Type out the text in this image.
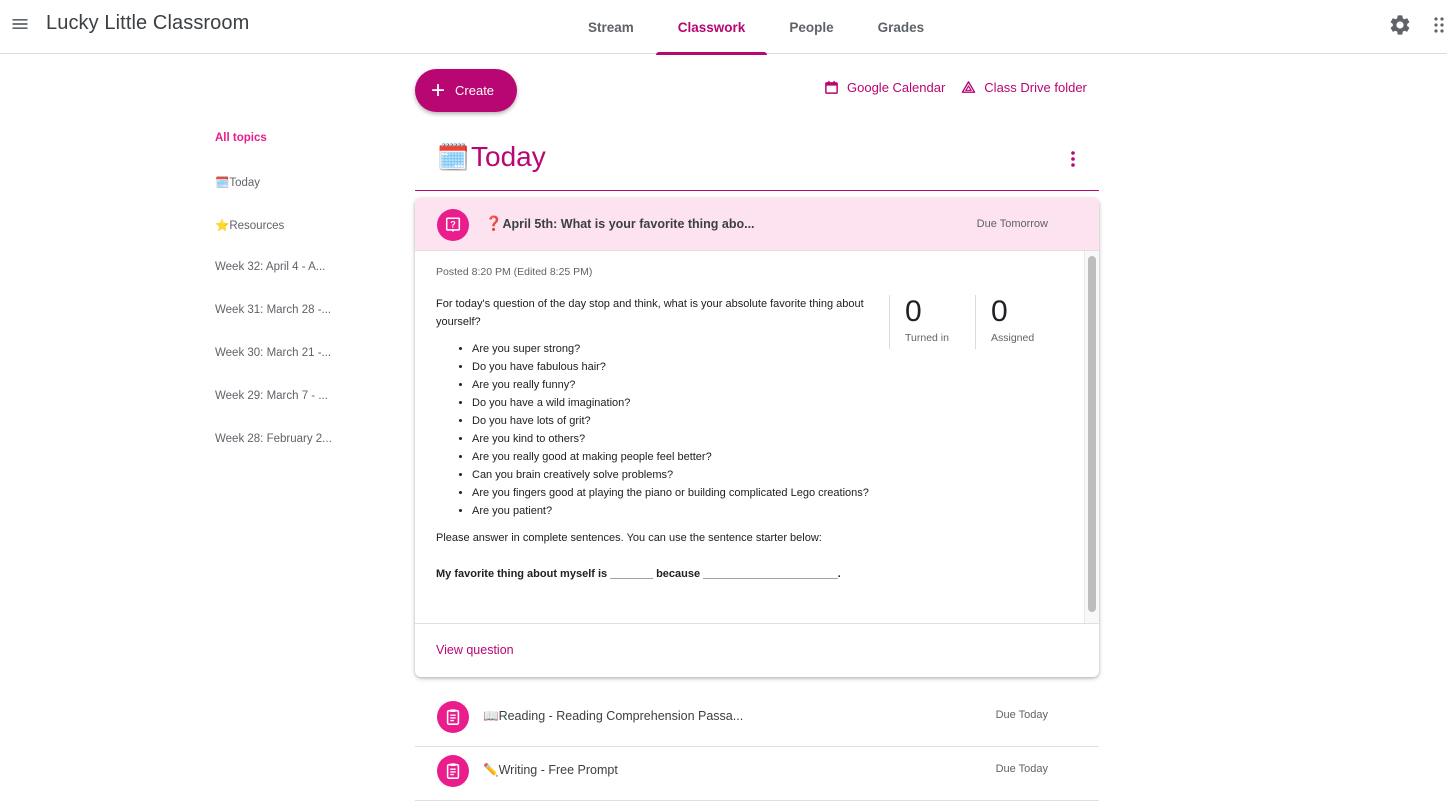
Lucky Little Classroom	Stream	Classwork	People	Grades
All topics
🗓️Today
⭐Resources
Week 32: April 4 - A...
Week 31: March 28 -...
Week 30: March 21 -...
Week 29: March 7 - ...
Week 28: February 2...
+ Create	Google Calendar	Class Drive folder
🗓️ Today
? ❓April 5th: What is your favorite thing abo...	Due Tomorrow
Posted 8:20 PM (Edited 8:25 PM)

For today's question of the day stop and think, what is your absolute favorite thing about yourself?

• Are you super strong?
• Do you have fabulous hair?
• Are you really funny?
• Do you have a wild imagination?
• Do you have lots of grit?
• Are you kind to others?
• Are you really good at making people feel better?
• Can you brain creatively solve problems?
• Are you fingers good at playing the piano or building complicated Lego creations?
• Are you patient?

Please answer in complete sentences. You can use the sentence starter below:

My favorite thing about myself is _______ because ______________________.

0
Turned in
0
Assigned
View question
📖Reading - Reading Comprehension Passa...	Due Today
✏️Writing - Free Prompt	Due Today
